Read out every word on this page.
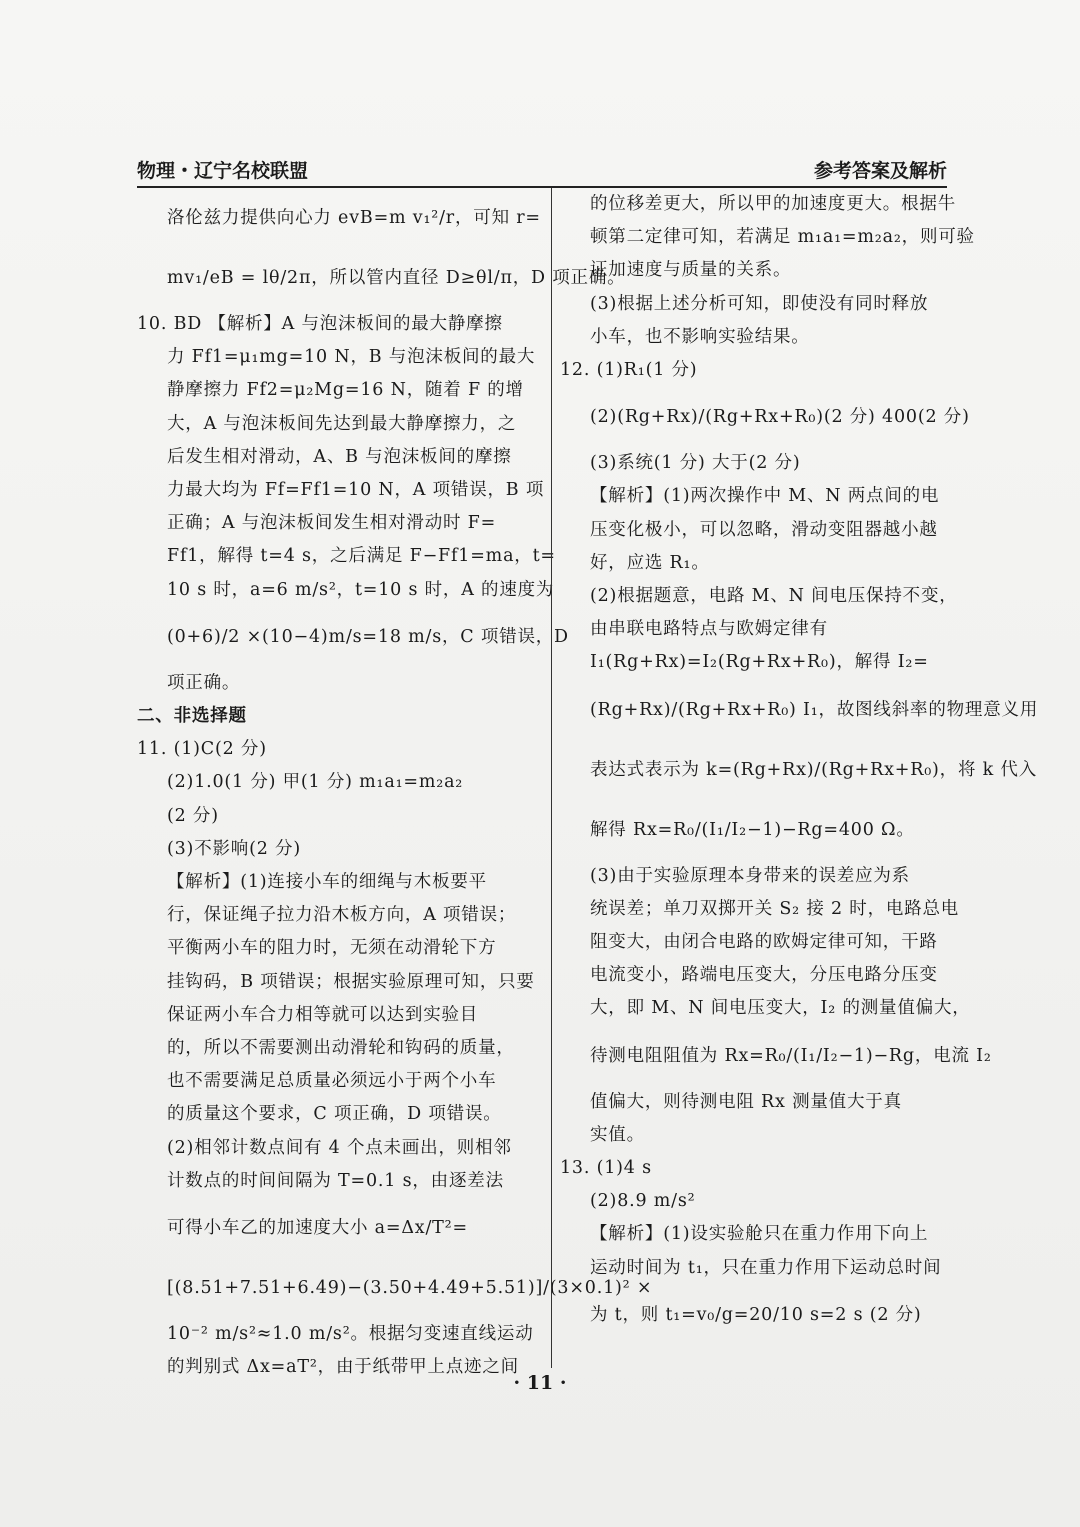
物理・辽宁名校联盟	参考答案及解析
洛伦兹力提供向心力 evB=m v₁²/r，可知 r=
mv₁/eB = lθ/2π，所以管内直径 D≥θl/π，D 项正确。
10. BD 【解析】A 与泡沫板间的最大静摩擦
力 Ff1=μ₁mg=10 N，B 与泡沫板间的最大
静摩擦力 Ff2=μ₂Mg=16 N，随着 F 的增
大，A 与泡沫板间先达到最大静摩擦力，之
后发生相对滑动，A、B 与泡沫板间的摩擦
力最大均为 Ff=Ff1=10 N，A 项错误，B 项
正确；A 与泡沫板间发生相对滑动时 F=
Ff1，解得 t=4 s，之后满足 F−Ff1=ma，t=
10 s 时，a=6 m/s²，t=10 s 时，A 的速度为
(0+6)/2 ×(10−4)m/s=18 m/s，C 项错误，D
项正确。
二、非选择题
11. (1)C(2 分)
(2)1.0(1 分) 甲(1 分) m₁a₁=m₂a₂
(2 分)
(3)不影响(2 分)
【解析】(1)连接小车的细绳与木板要平
行，保证绳子拉力沿木板方向，A 项错误；
平衡两小车的阻力时，无须在动滑轮下方
挂钩码，B 项错误；根据实验原理可知，只要
保证两小车合力相等就可以达到实验目
的，所以不需要测出动滑轮和钩码的质量，
也不需要满足总质量必须远小于两个小车
的质量这个要求，C 项正确，D 项错误。
(2)相邻计数点间有 4 个点未画出，则相邻
计数点的时间间隔为 T=0.1 s，由逐差法
可得小车乙的加速度大小 a=Δx/T²=
[(8.51+7.51+6.49)−(3.50+4.49+5.51)]/(3×0.1)² ×
10⁻² m/s²≈1.0 m/s²。根据匀变速直线运动
的判别式 Δx=aT²，由于纸带甲上点迹之间
的位移差更大，所以甲的加速度更大。根据牛
顿第二定律可知，若满足 m₁a₁=m₂a₂，则可验
证加速度与质量的关系。
(3)根据上述分析可知，即使没有同时释放
小车，也不影响实验结果。
12. (1)R₁(1 分)
(2)(Rg+Rx)/(Rg+Rx+R₀)(2 分) 400(2 分)
(3)系统(1 分) 大于(2 分)
【解析】(1)两次操作中 M、N 两点间的电
压变化极小，可以忽略，滑动变阻器越小越
好，应选 R₁。
(2)根据题意，电路 M、N 间电压保持不变，
由串联电路特点与欧姆定律有
I₁(Rg+Rx)=I₂(Rg+Rx+R₀)，解得 I₂=
(Rg+Rx)/(Rg+Rx+R₀) I₁，故图线斜率的物理意义用
表达式表示为 k=(Rg+Rx)/(Rg+Rx+R₀)，将 k 代入
解得 Rx=R₀/(I₁/I₂−1)−Rg=400 Ω。
(3)由于实验原理本身带来的误差应为系
统误差；单刀双掷开关 S₂ 接 2 时，电路总电
阻变大，由闭合电路的欧姆定律可知，干路
电流变小，路端电压变大，分压电路分压变
大，即 M、N 间电压变大，I₂ 的测量值偏大，
待测电阻阻值为 Rx=R₀/(I₁/I₂−1)−Rg，电流 I₂
值偏大，则待测电阻 Rx 测量值大于真
实值。
13. (1)4 s
(2)8.9 m/s²
【解析】(1)设实验舱只在重力作用下向上
运动时间为 t₁，只在重力作用下运动总时间
为 t，则 t₁=v₀/g=20/10 s=2 s (2 分)
· 11 ·
